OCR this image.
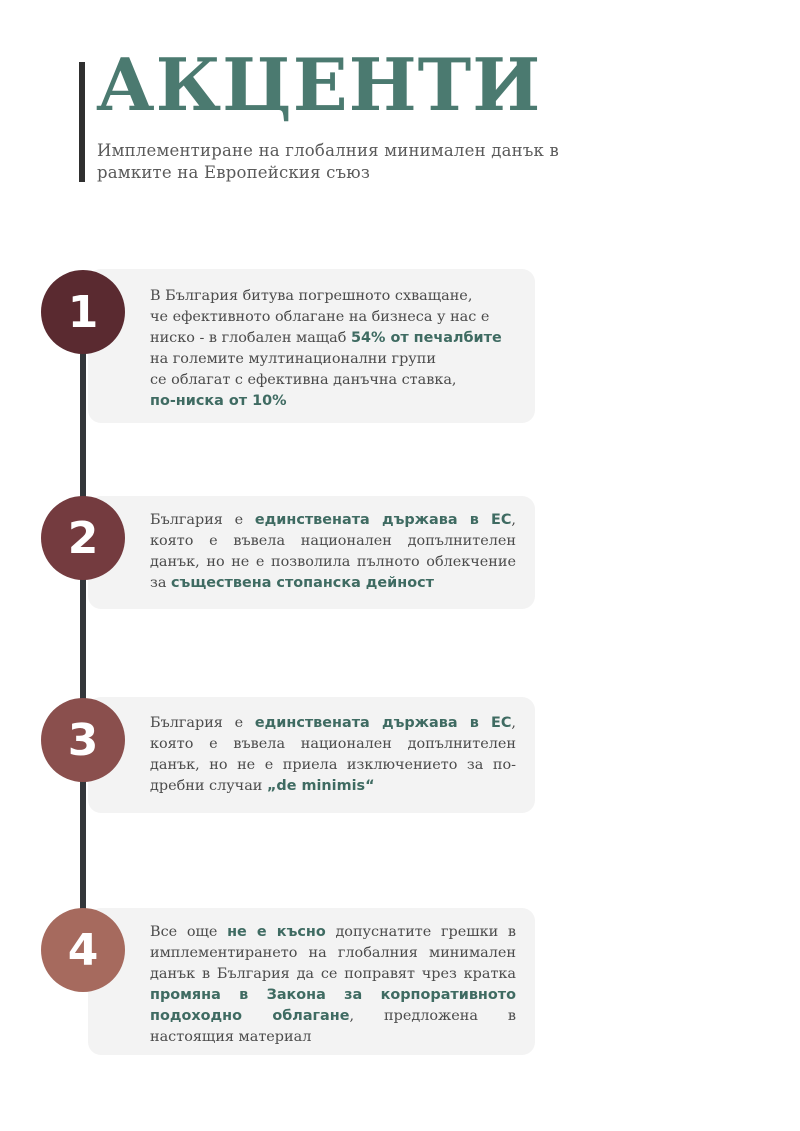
АКЦЕНТИ

Имплементиране на глобалния минимален данък в рамките на Европейския съюз

В България битува погрешното схващане,
че ефективното облагане на бизнеса у нас е
ниско - в глобален мащаб 54% от печалбите
на големите мултинационални групи
се облагат с ефективна данъчна ставка,
по-ниска от 10%

1

България е единствената държава в ЕС, която е въвела национален допълнителен данък, но не е позволила пълното облекчение за съществена стопанска дейност

2

България е единствената държава в ЕС, която е въвела национален допълнителен данък, но не е приела изключението за по-дребни случаи „de minimis“

3

Все още не е късно допуснатите грешки в имплементирането на глобалния минимален данък в България да се поправят чрез кратка промяна в Закона за корпоративното подоходно облагане, предложена в настоящия материал

4
